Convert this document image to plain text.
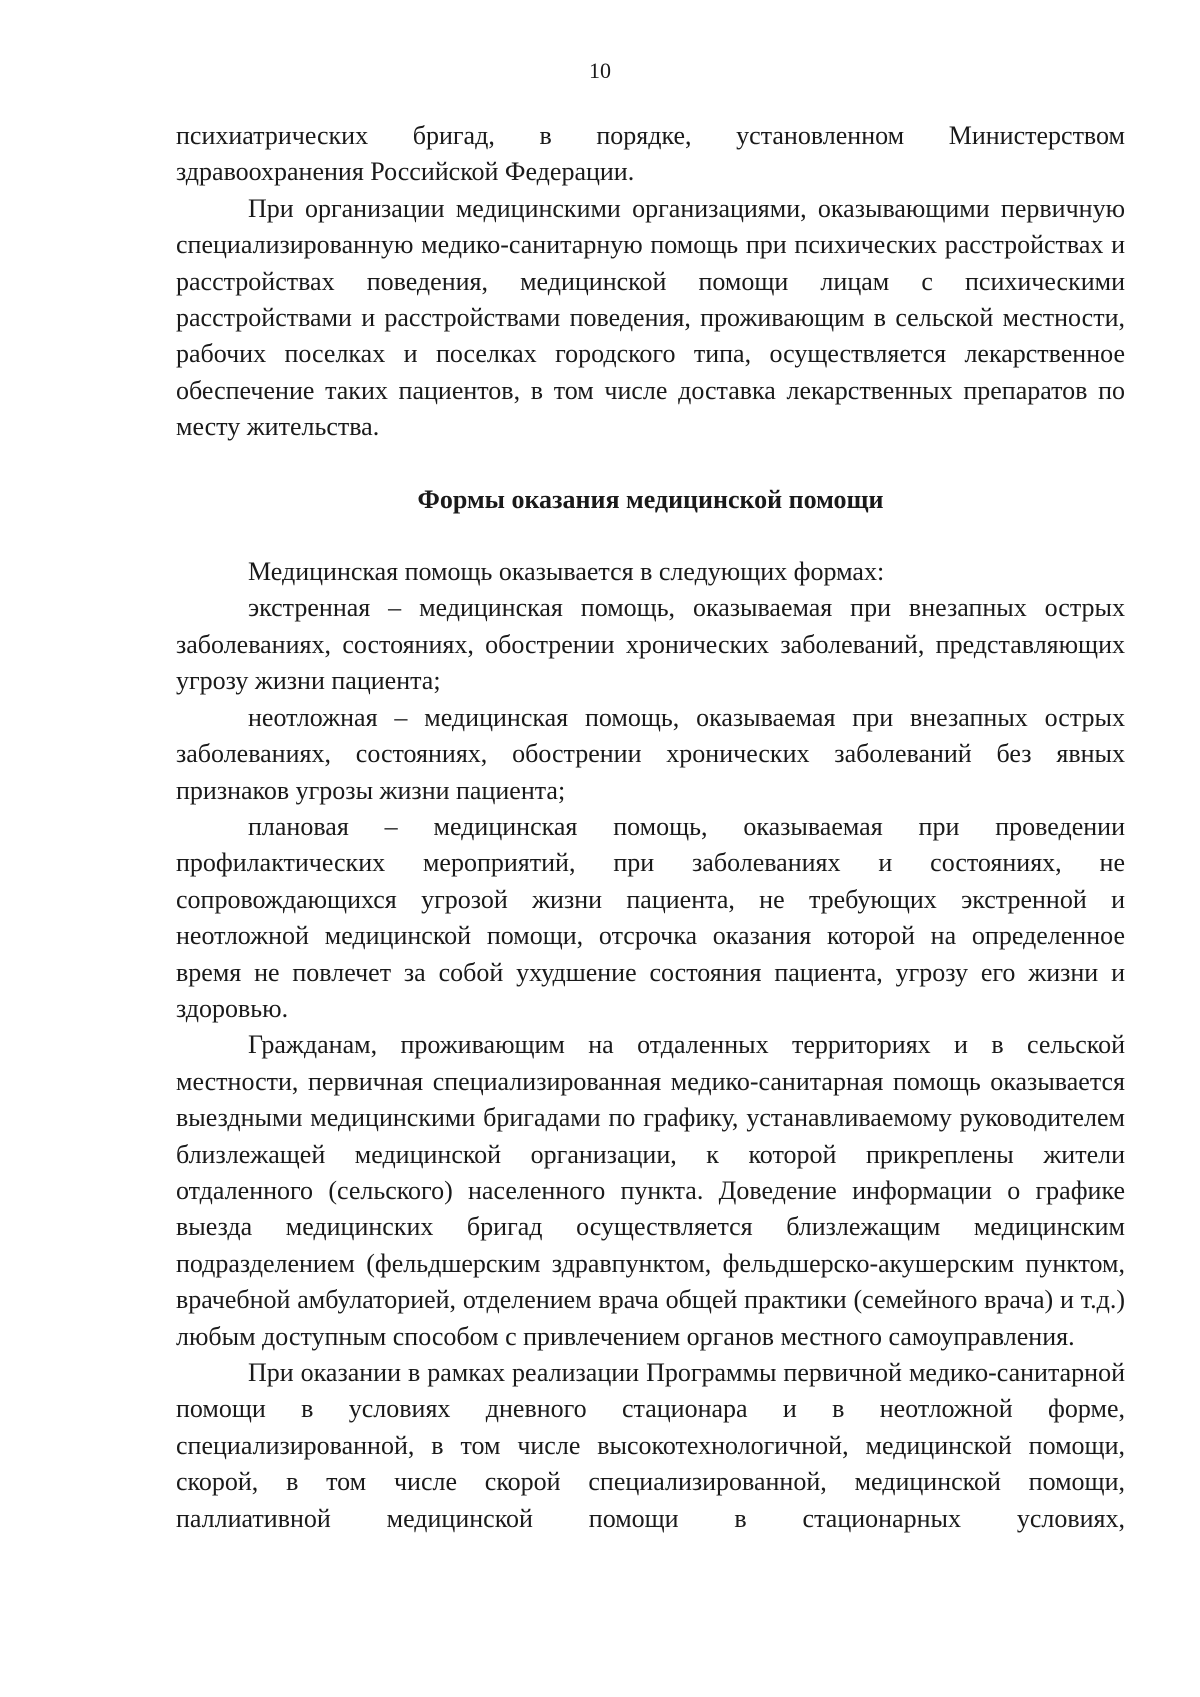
10

психиатрических бригад, в порядке, установленном Министерством здравоохранения Российской Федерации.

При организации медицинскими организациями, оказывающими первичную специализированную медико-санитарную помощь при психических расстройствах и расстройствах поведения, медицинской помощи лицам с психическими расстройствами и расстройствами поведения, проживающим в сельской местности, рабочих поселках и поселках городского типа, осуществляется лекарственное обеспечение таких пациентов, в том числе доставка лекарственных препаратов по месту жительства.

Формы оказания медицинской помощи

Медицинская помощь оказывается в следующих формах:

экстренная – медицинская помощь, оказываемая при внезапных острых заболеваниях, состояниях, обострении хронических заболеваний, представляющих угрозу жизни пациента;

неотложная – медицинская помощь, оказываемая при внезапных острых заболеваниях, состояниях, обострении хронических заболеваний без явных признаков угрозы жизни пациента;

плановая – медицинская помощь, оказываемая при проведении профилактических мероприятий, при заболеваниях и состояниях, не сопровождающихся угрозой жизни пациента, не требующих экстренной и неотложной медицинской помощи, отсрочка оказания которой на определенное время не повлечет за собой ухудшение состояния пациента, угрозу его жизни и здоровью.

Гражданам, проживающим на отдаленных территориях и в сельской местности, первичная специализированная медико-санитарная помощь оказывается выездными медицинскими бригадами по графику, устанавливаемому руководителем близлежащей медицинской организации, к которой прикреплены жители отдаленного (сельского) населенного пункта. Доведение информации о графике выезда медицинских бригад осуществляется близлежащим медицинским подразделением (фельдшерским здравпунктом, фельдшерско-акушерским пунктом, врачебной амбулаторией, отделением врача общей практики (семейного врача) и т.д.) любым доступным способом с привлечением органов местного самоуправления.

При оказании в рамках реализации Программы первичной медико-санитарной помощи в условиях дневного стационара и в неотложной форме, специализированной, в том числе высокотехнологичной, медицинской помощи, скорой, в том числе скорой специализированной, медицинской помощи, паллиативной медицинской помощи в стационарных условиях,
